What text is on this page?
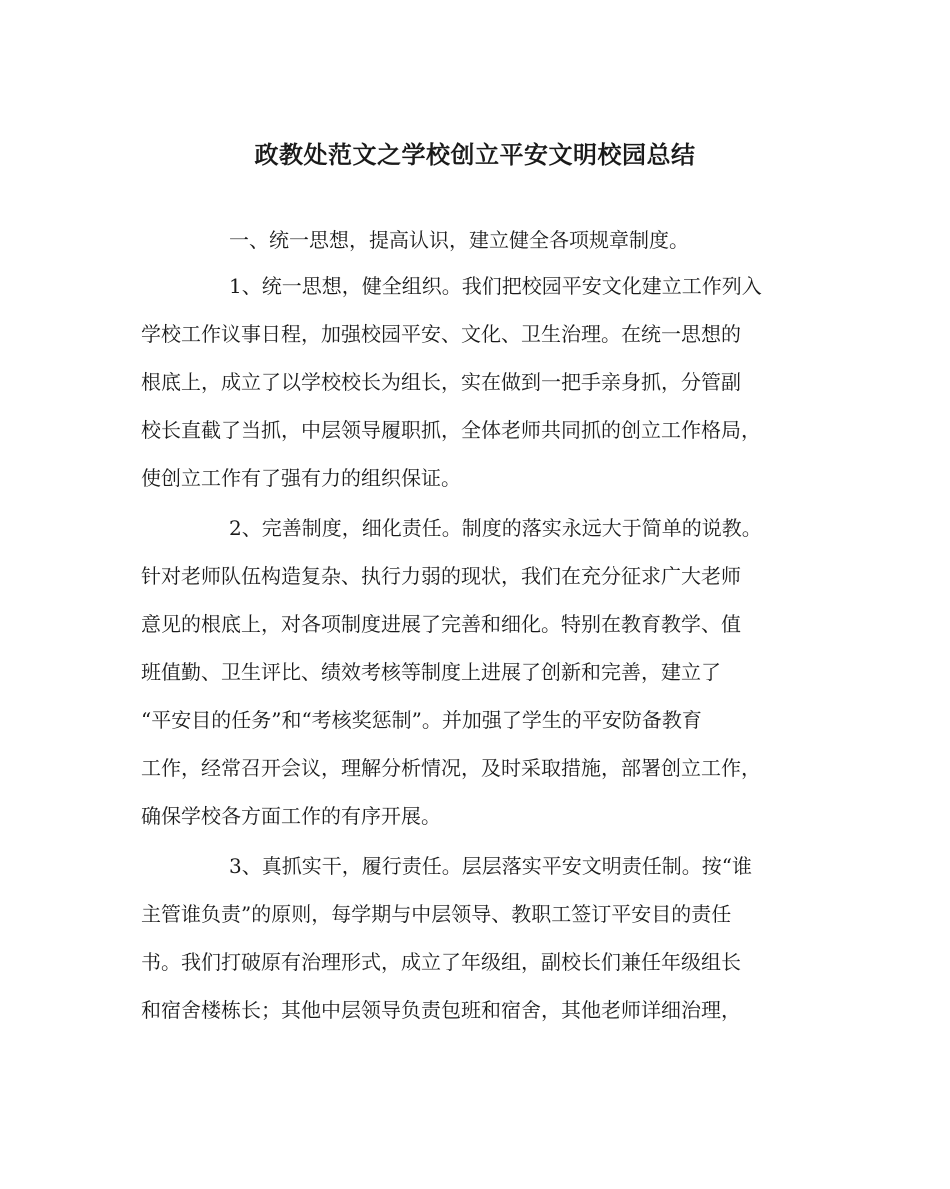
政教处范文之学校创立平安文明校园总结
一、统一思想，提高认识，建立健全各项规章制度。
1、统一思想，健全组织。我们把校园平安文化建立工作列入
学校工作议事日程，加强校园平安、文化、卫生治理。在统一思想的
根底上，成立了以学校校长为组长，实在做到一把手亲身抓，分管副
校长直截了当抓，中层领导履职抓，全体老师共同抓的创立工作格局，
使创立工作有了强有力的组织保证。
2、完善制度，细化责任。制度的落实永远大于简单的说教。
针对老师队伍构造复杂、执行力弱的现状，我们在充分征求广大老师
意见的根底上，对各项制度进展了完善和细化。特别在教育教学、值
班值勤、卫生评比、绩效考核等制度上进展了创新和完善，建立了
“平安目的任务”和“考核奖惩制”。并加强了学生的平安防备教育
工作，经常召开会议，理解分析情况，及时采取措施，部署创立工作，
确保学校各方面工作的有序开展。
3、真抓实干，履行责任。层层落实平安文明责任制。按“谁
主管谁负责”的原则，每学期与中层领导、教职工签订平安目的责任
书。我们打破原有治理形式，成立了年级组，副校长们兼任年级组长
和宿舍楼栋长；其他中层领导负责包班和宿舍，其他老师详细治理，
